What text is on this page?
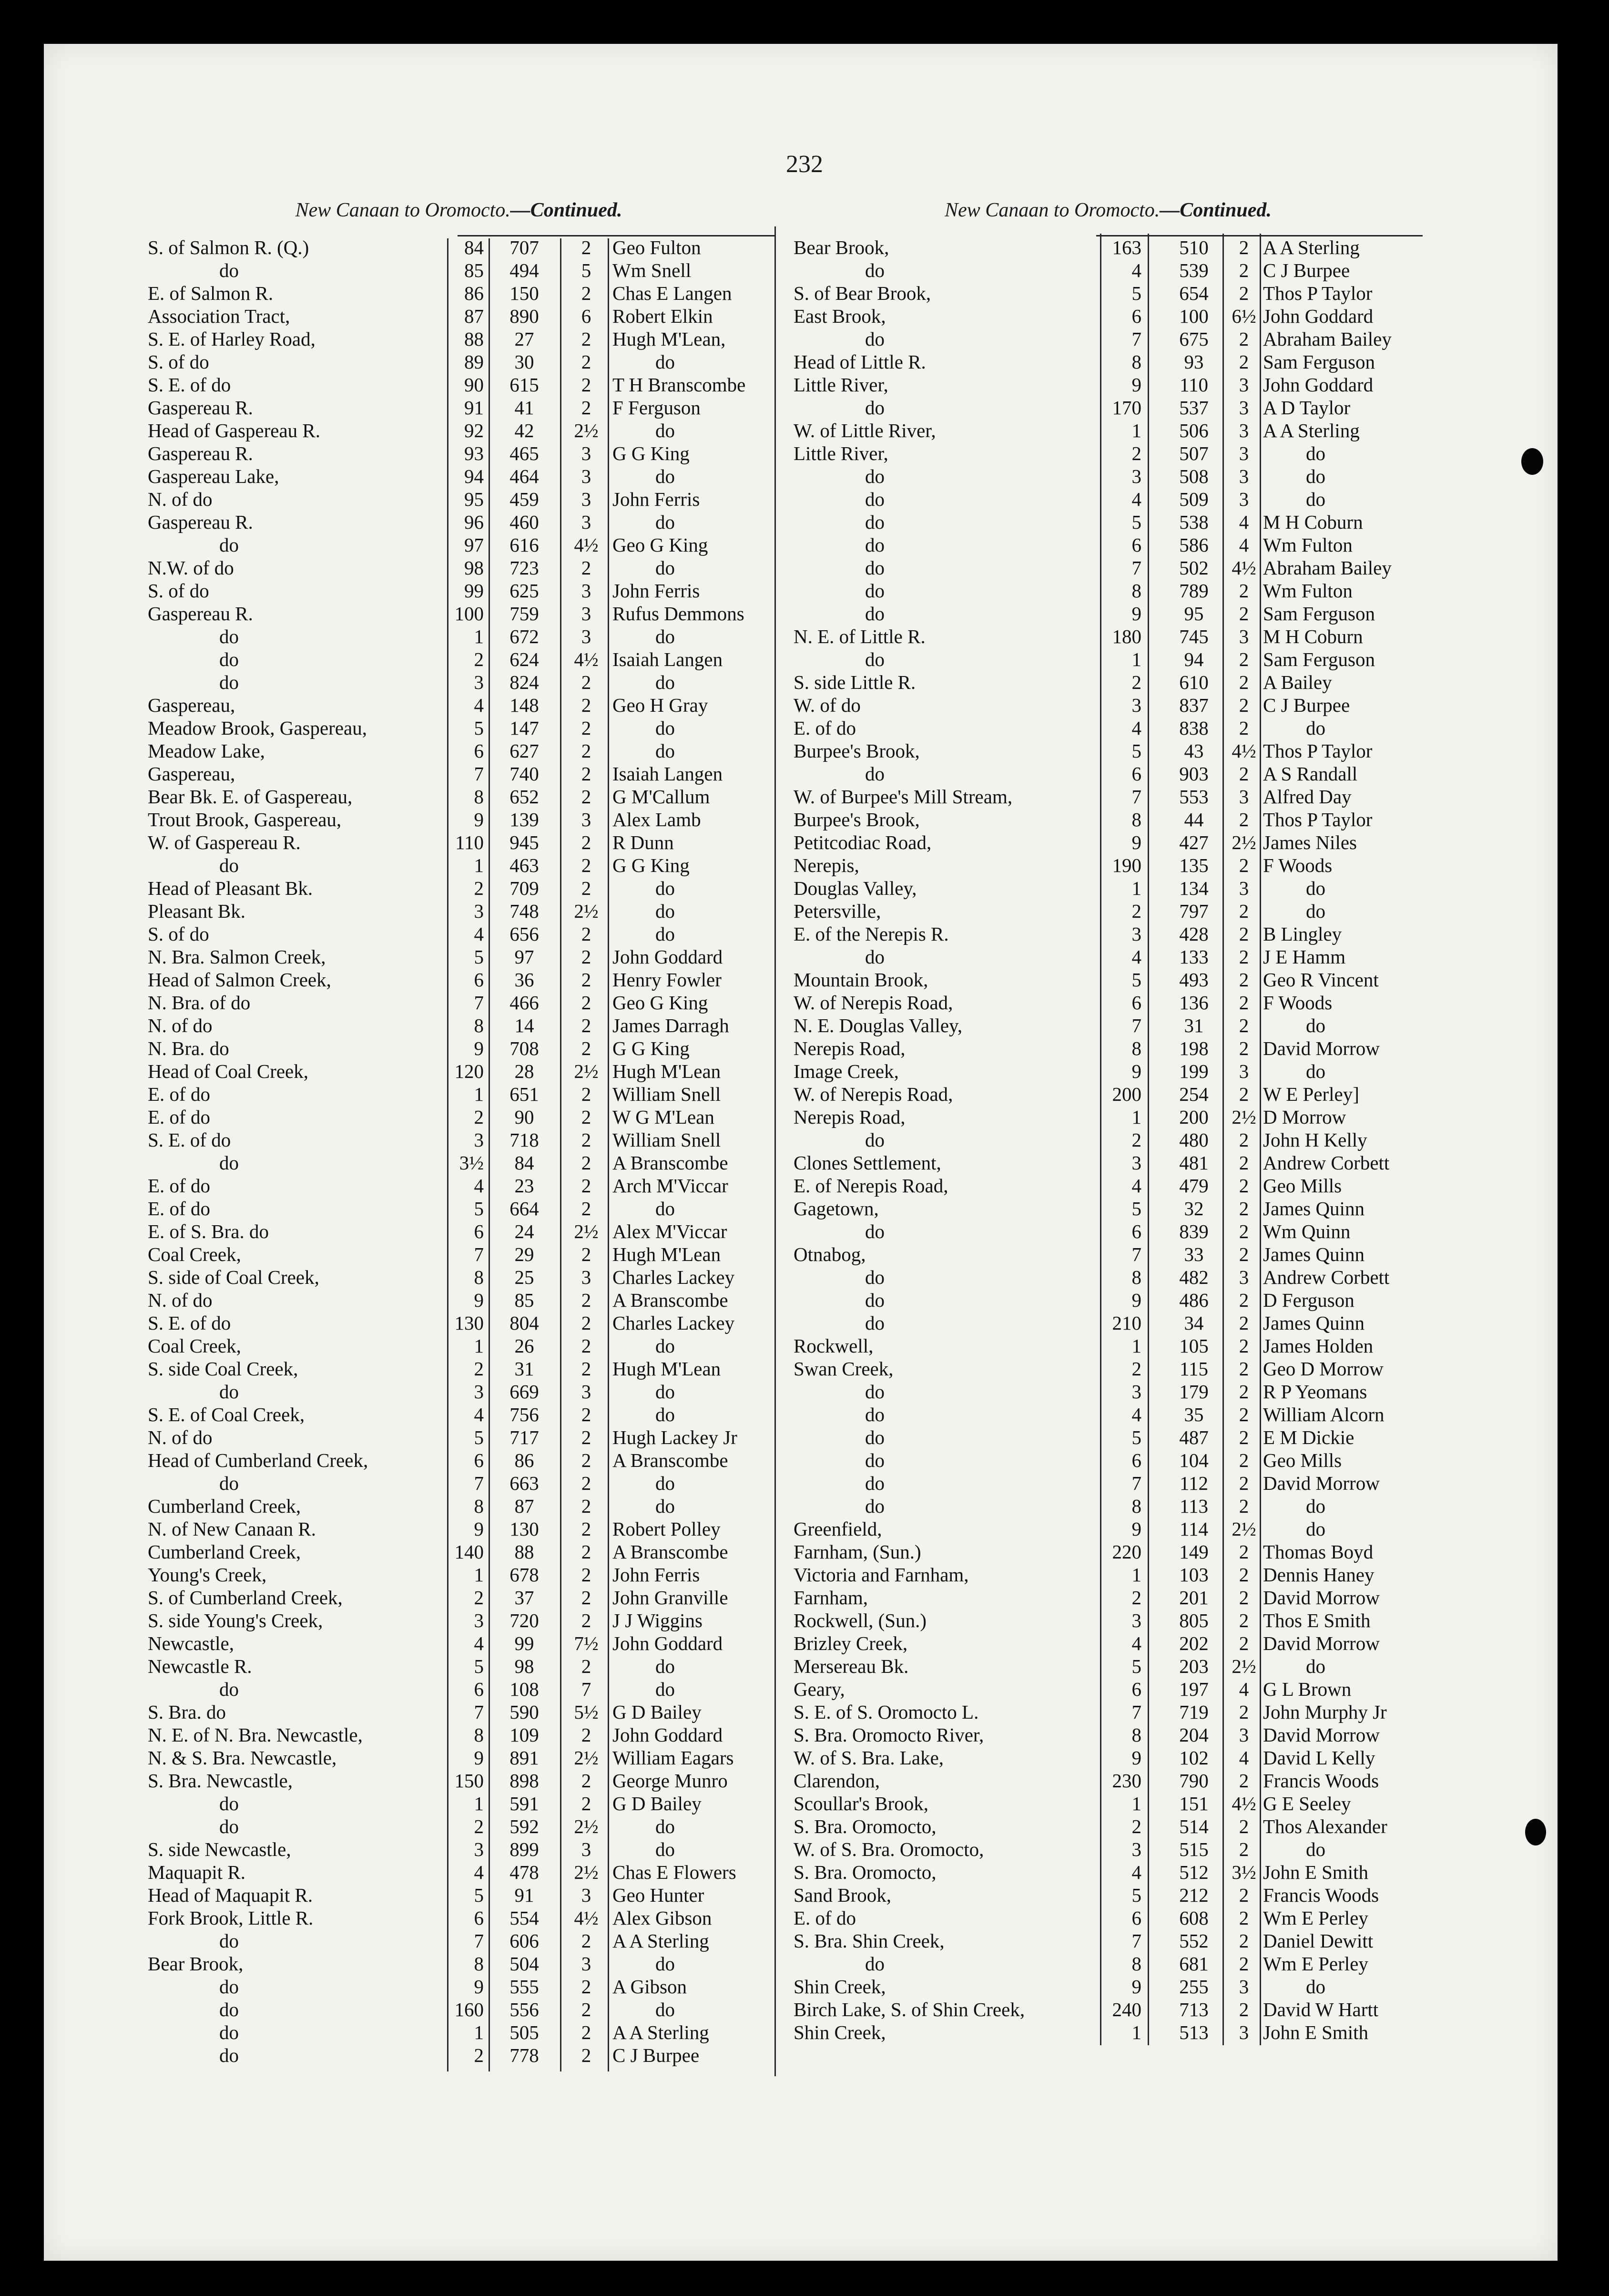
232
New Canaan to Oromocto.—Continued.
S. of Salmon R. (Q.)	84	707	2	Geo Fulton
do	85	494	5	Wm Snell
E. of Salmon R.	86	150	2	Chas E Langen
Association Tract,	87	890	6	Robert Elkin
S. E. of Harley Road,	88	27	2	Hugh M'Lean,
S. of do	89	30	2	do
S. E. of do	90	615	2	T H Branscombe
Gaspereau R.	91	41	2	F Ferguson
Head of Gaspereau R.	92	42	2½	do
Gaspereau R.	93	465	3	G G King
Gaspereau Lake,	94	464	3	do
N. of do	95	459	3	John Ferris
Gaspereau R.	96	460	3	do
do	97	616	4½ Geo G King
N.W. of do	98	723	2	do
S. of do	99	625	3	John Ferris
Gaspereau R.	100	759	3	Rufus Demmons
do	1	672	3	do
do	2	624	4½ Isaiah Langen
do	3	824	2	do
Gaspereau,	4	148	2	Geo H Gray
Meadow Brook, Gaspereau,	5	147	2	do
Meadow Lake,	6	627	2	do
Gaspereau,	7	740	2	Isaiah Langen
Bear Bk. E. of Gaspereau,	8	652	2	G M'Callum
Trout Brook, Gaspereau,	9	139	3	Alex Lamb
W. of Gaspereau R.	110	945	2	R Dunn
do	1	463	2	G G King
Head of Pleasant Bk.	2	709	2	do
Pleasant Bk.	3	748	2½	do
S. of do	4	656	2	do
N. Bra. Salmon Creek,	5	97	2	John Goddard
Head of Salmon Creek,	6	36	2	Henry Fowler
N. Bra. of do	7	466	2	Geo G King
N. of do	8	14	2	James Darragh
N. Bra. do	9	708	2	G G King
Head of Coal Creek,	120	28	2½ Hugh M'Lean
E. of do	1	651	2	William Snell
E. of do	2	90	2	W G M'Lean
S. E. of do	3	718	2	William Snell
do	3½	84	2	A Branscombe
E. of do	4	23	2	Arch M'Viccar
E. of do	5	664	2	do
E. of S. Bra. do	6	24	2½ Alex M'Viccar
Coal Creek,	7	29	2	Hugh M'Lean
S. side of Coal Creek,	8	25	3	Charles Lackey
N. of do	9	85	2	A Branscombe
S. E. of do	130	804	2	Charles Lackey
Coal Creek,	1	26	2	do
S. side Coal Creek,	2	31	2	Hugh M'Lean
do	3	669	3	do
S. E. of Coal Creek,	4	756	2	do
N. of do	5	717	2	Hugh Lackey Jr
Head of Cumberland Creek,	6	86	2	A Branscombe
do	7	663	2	do
Cumberland Creek,	8	87	2	do
N. of New Canaan R.	9	130	2	Robert Polley
Cumberland Creek,	140	88	2	A Branscombe
Young's Creek,	1	678	2	John Ferris
S. of Cumberland Creek,	2	37	2	John Granville
S. side Young's Creek,	3	720	2	J J Wiggins
Newcastle,	4	99	7½ John Goddard
Newcastle R.	5	98	2	do
do	6	108	7	do
S. Bra. do	7	590	5½ G D Bailey
N. E. of N. Bra. Newcastle,	8	109	2	John Goddard
N. & S. Bra. Newcastle,	9	891	2½ William Eagars
S. Bra. Newcastle,	150	898	2	George Munro
do	1	591	2	G D Bailey
do	2	592	2½	do
S. side Newcastle,	3	899	3	do
Maquapit R.	4	478	2½ Chas E Flowers
Head of Maquapit R.	5	91	3	Geo Hunter
Fork Brook, Little R.	6	554	4½ Alex Gibson
do	7	606	2	A A Sterling
Bear Brook,	8	504	3	do
do	9	555	2	A Gibson
do	160	556	2	do
do	1	505	2	A A Sterling
do	2	778	2	C J Burpee
New Canaan to Oromocto.—Continued.
Bear Brook,	163	510	2 A A Sterling
do	4	539	2 C J Burpee
S. of Bear Brook,	5	654	2 Thos P Taylor
East Brook,	6	100	6½ John Goddard
do	7	675	2 Abraham Bailey
Head of Little R.	8	93	2 Sam Ferguson
Little River,	9	110	3 John Goddard
do	170	537	3 A D Taylor
W. of Little River,	1	506	3 A A Sterling
Little River,	2	507	3	do
do	3	508	3	do
do	4	509	3	do
do	5	538	4 M H Coburn
do	6	586	4 Wm Fulton
do	7	502	4½ Abraham Bailey
do	8	789	2 Wm Fulton
do	9	95	2 Sam Ferguson
N. E. of Little R.	180	745	3 M H Coburn
do	1	94	2 Sam Ferguson
S. side Little R.	2	610	2 A Bailey
W. of do	3	837	2 C J Burpee
E. of do	4	838	2	do
Burpee's Brook,	5	43	4½ Thos P Taylor
do	6	903	2 A S Randall
W. of Burpee's Mill Stream,	7	553	3 Alfred Day
Burpee's Brook,	8	44	2 Thos P Taylor
Petitcodiac Road,	9	427	2½ James Niles
Nerepis,	190	135	2 F Woods
Douglas Valley,	1	134	3	do
Petersville,	2	797	2	do
E. of the Nerepis R.	3	428	2 B Lingley
do	4	133	2 J E Hamm
Mountain Brook,	5	493	2 Geo R Vincent
W. of Nerepis Road,	6	136	2 F Woods
N. E. Douglas Valley,	7	31	2	do
Nerepis Road,	8	198	2 David Morrow
Image Creek,	9	199	3	do
W. of Nerepis Road,	200	254	2 W E Perley]
Nerepis Road,	1	200	2½ D Morrow
do	2	480	2 John H Kelly
Clones Settlement,	3	481	2 Andrew Corbett
E. of Nerepis Road,	4	479	2 Geo Mills
Gagetown,	5	32	2 James Quinn
do	6	839	2 Wm Quinn
Otnabog,	7	33	2 James Quinn
do	8	482	3 Andrew Corbett
do	9	486	2 D Ferguson
do	210	34	2 James Quinn
Rockwell,	1	105	2 James Holden
Swan Creek,	2	115	2 Geo D Morrow
do	3	179	2 R P Yeomans
do	4	35	2 William Alcorn
do	5	487	2 E M Dickie
do	6	104	2 Geo Mills
do	7	112	2 David Morrow
do	8	113	2	do
Greenfield,	9	114	2½	do
Farnham, (Sun.)	220	149	2 Thomas Boyd
Victoria and Farnham,	1	103	2 Dennis Haney
Farnham,	2	201	2 David Morrow
Rockwell, (Sun.)	3	805	2 Thos E Smith
Brizley Creek,	4	202	2 David Morrow
Mersereau Bk.	5	203	2½	do
Geary,	6	197	4 G L Brown
S. E. of S. Oromocto L.	7	719	2 John Murphy Jr
S. Bra. Oromocto River,	8	204	3 David Morrow
W. of S. Bra. Lake,	9	102	4 David L Kelly
Clarendon,	230	790	2 Francis Woods
Scoullar's Brook,	1	151	4½ G E Seeley
S. Bra. Oromocto,	2	514	2 Thos Alexander
W. of S. Bra. Oromocto,	3	515	2	do
S. Bra. Oromocto,	4	512	3½ John E Smith
Sand Brook,	5	212	2 Francis Woods
E. of do	6	608	2 Wm E Perley
S. Bra. Shin Creek,	7	552	2 Daniel Dewitt
do	8	681	2 Wm E Perley
Shin Creek,	9	255	3	do
Birch Lake, S. of Shin Creek,	240	713	2 David W Hartt
Shin Creek,	1	513	3 John E Smith
